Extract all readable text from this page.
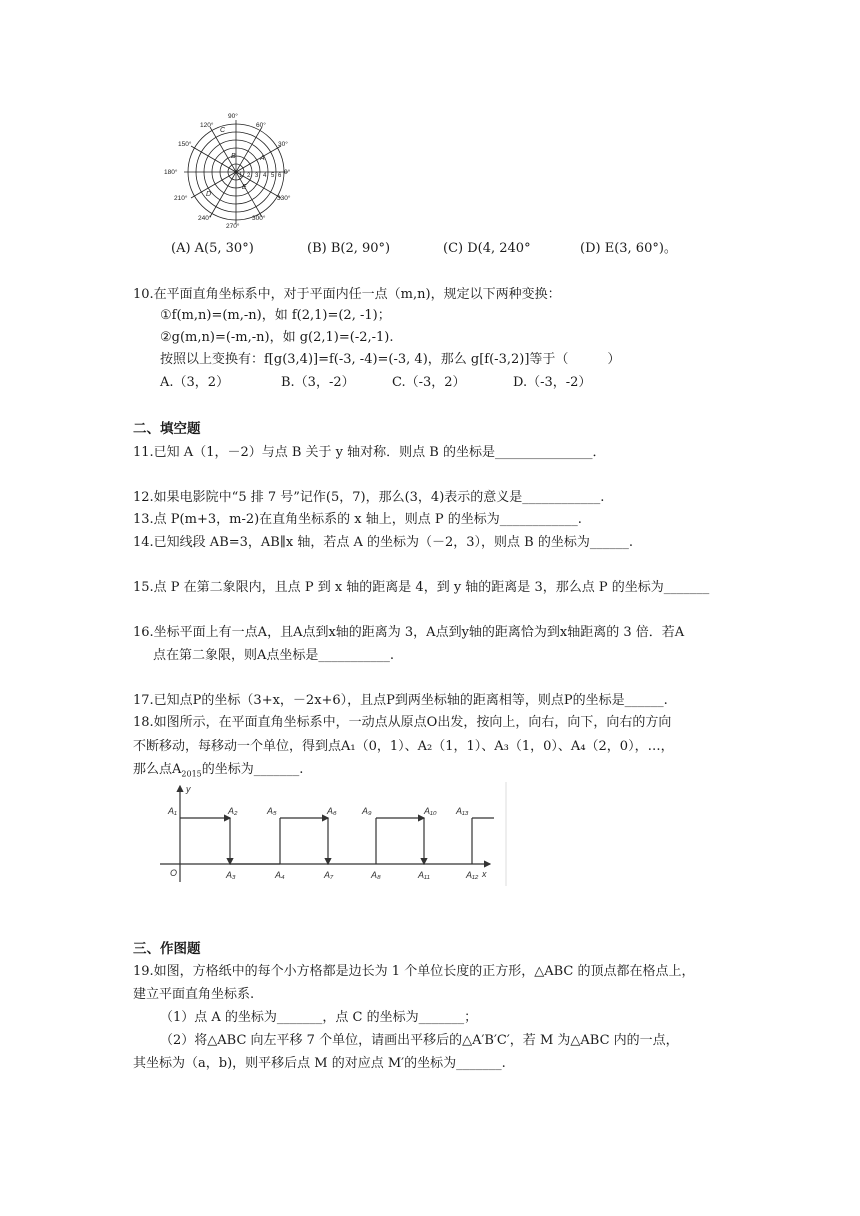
90°
60°
30°
0°
330°
300°
270°
240°
210°
180°
150°
120°
1 2 3 4 5 6
A
B
C
D
E
(A) A(5, 30°)	(B) B(2, 90°)	(C) D(4, 240°	(D) E(3, 60°)。
10.在平面直角坐标系中，对于平面内任一点（m,n)，规定以下两种变换：
①f(m,n)=(m,-n)，如 f(2,1)=(2, -1)；
②g(m,n)=(-m,-n)，如 g(2,1)=(-2,-1).
按照以上变换有：f[g(3,4)]=f(-3, -4)=(-3, 4)，那么 g[f(-3,2)]等于（　　　）
A.（3，2）	B.（3，-2）	C.（-3，2）	D.（-3，-2）
二、填空题
11.已知 A（1，－2）与点 B 关于 y 轴对称．则点 B 的坐标是_______________．
12.如果电影院中“5 排 7 号”记作(5，7)，那么(3，4)表示的意义是____________.
13.点 P(m+3，m-2)在直角坐标系的 x 轴上，则点 P 的坐标为____________.
14.已知线段 AB=3，AB∥x 轴，若点 A 的坐标为（－2，3），则点 B 的坐标为______.
15.点 P 在第二象限内，且点 P 到 x 轴的距离是 4，到 y 轴的距离是 3，那么点 P 的坐标为_______
16.坐标平面上有一点A，且A点到x轴的距离为 3，A点到y轴的距离恰为到x轴距离的 3 倍．若A
点在第二象限，则A点坐标是___________.
17.已知点P的坐标（3+x，－2x+6），且点P到两坐标轴的距离相等，则点P的坐标是______.
18.如图所示，在平面直角坐标系中，一动点从原点O出发，按向上，向右，向下，向右的方向
不断移动，每移动一个单位，得到点A₁（0，1）、A₂（1，1）、A₃（1，0）、A₄（2，0），…，
那么点$A_{2015}$的坐标为_______.
y
x
O
A₁	A₂	A₅	A₆	A₉	A₁₀ A₁₃
A₃	A₄	A₇	A₈	A₁₁	A₁₂
三、作图题
19.如图，方格纸中的每个小方格都是边长为 1 个单位长度的正方形，△ABC 的顶点都在格点上，
建立平面直角坐标系.
（1）点 A 的坐标为_______，点 C 的坐标为_______；
（2）将△ABC 向左平移 7 个单位，请画出平移后的△A′B′C′，若 M 为△ABC 内的一点，
其坐标为（a，b)，则平移后点 M 的对应点 M′的坐标为_______.
